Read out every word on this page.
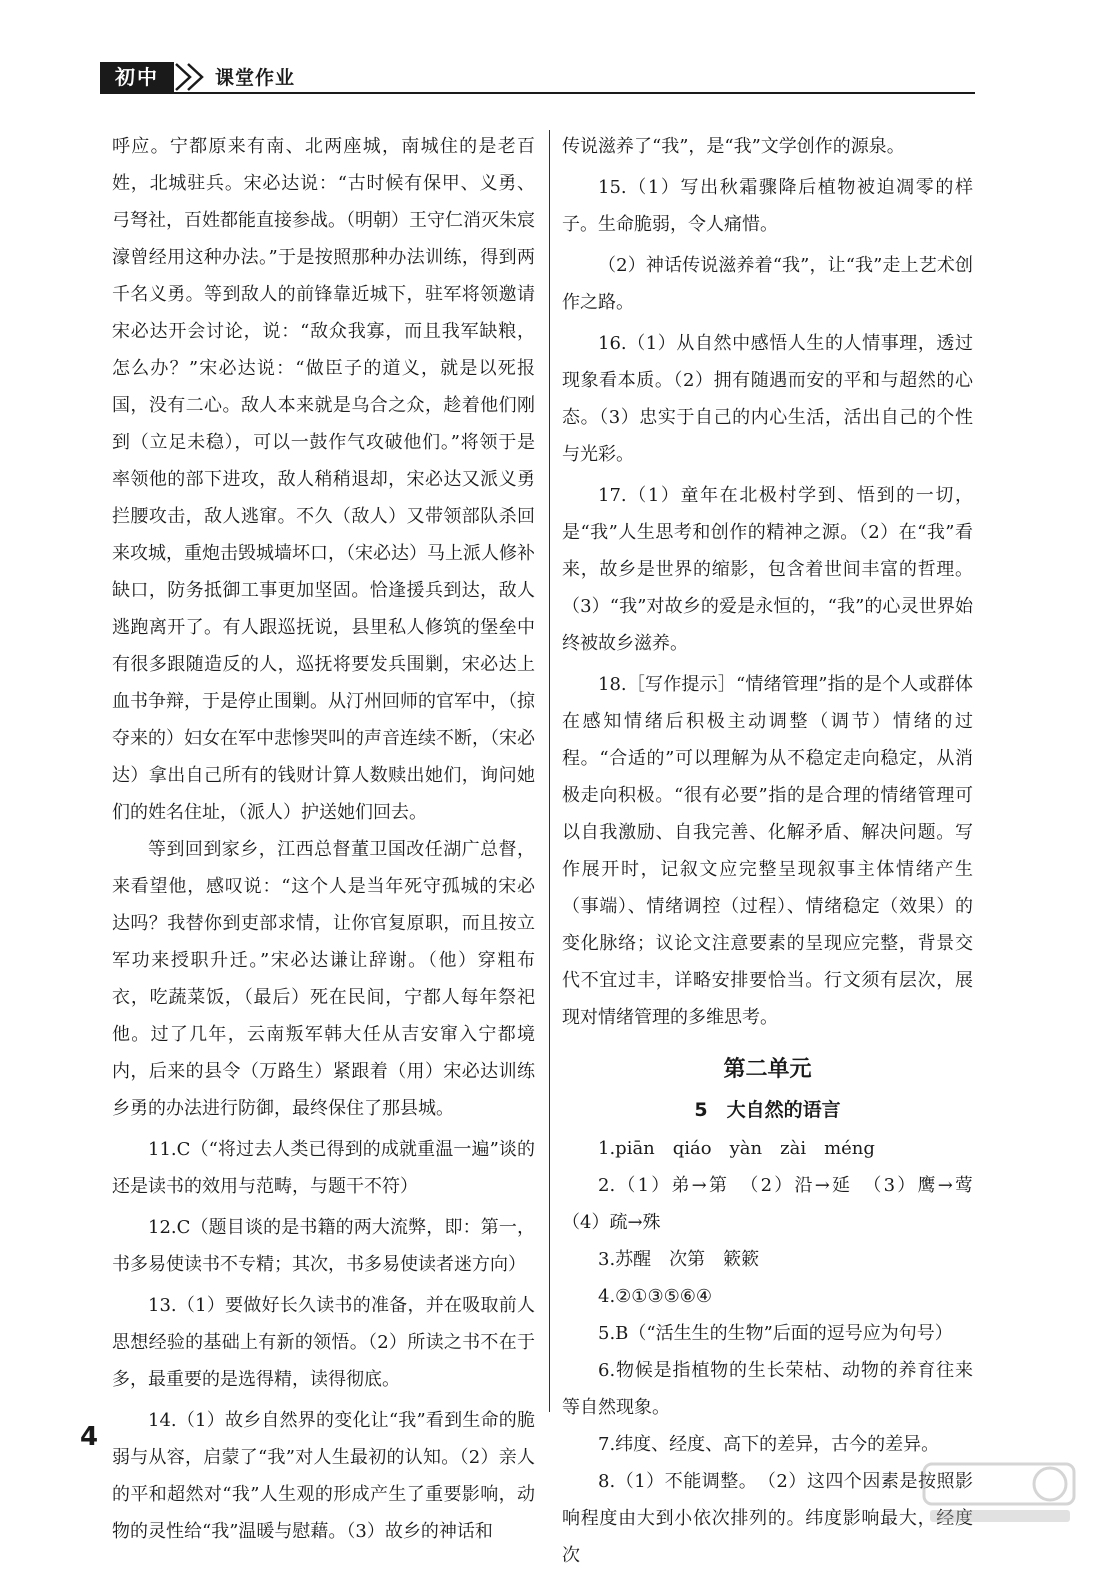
初中	课堂作业

呼应。宁都原来有南、北两座城，南城住的是老百姓，北城驻兵。宋必达说：“古时候有保甲、义勇、弓弩社，百姓都能直接参战。（明朝）王守仁消灭朱宸濠曾经用这种办法。”于是按照那种办法训练，得到两千名义勇。等到敌人的前锋靠近城下，驻军将领邀请宋必达开会讨论，说：“敌众我寡，而且我军缺粮，怎么办？”宋必达说：“做臣子的道义，就是以死报国，没有二心。敌人本来就是乌合之众，趁着他们刚到（立足未稳），可以一鼓作气攻破他们。”将领于是率领他的部下进攻，敌人稍稍退却，宋必达又派义勇拦腰攻击，敌人逃窜。不久（敌人）又带领部队杀回来攻城，重炮击毁城墙坏口，（宋必达）马上派人修补缺口，防务抵御工事更加坚固。恰逢援兵到达，敌人逃跑离开了。有人跟巡抚说，县里私人修筑的堡垒中有很多跟随造反的人，巡抚将要发兵围剿，宋必达上血书争辩，于是停止围剿。从汀州回师的官军中，（掠夺来的）妇女在军中悲惨哭叫的声音连续不断，（宋必达）拿出自己所有的钱财计算人数赎出她们，询问她们的姓名住址，（派人）护送她们回去。

等到回到家乡，江西总督董卫国改任湖广总督，来看望他，感叹说：“这个人是当年死守孤城的宋必达吗？我替你到吏部求情，让你官复原职，而且按立军功来授职升迁。”宋必达谦让辞谢。（他）穿粗布衣，吃蔬菜饭，（最后）死在民间，宁都人每年祭祀他。过了几年，云南叛军韩大任从吉安窜入宁都境内，后来的县令（万路生）紧跟着（用）宋必达训练乡勇的办法进行防御，最终保住了那县城。

11.C（“将过去人类已得到的成就重温一遍”谈的还是读书的效用与范畴，与题干不符）

12.C（题目谈的是书籍的两大流弊，即：第一，书多易使读书不专精；其次，书多易使读者迷方向）

13.（1）要做好长久读书的准备，并在吸取前人思想经验的基础上有新的领悟。（2）所读之书不在于多，最重要的是选得精，读得彻底。

14.（1）故乡自然界的变化让“我”看到生命的脆弱与从容，启蒙了“我”对人生最初的认知。（2）亲人的平和超然对“我”人生观的形成产生了重要影响，动物的灵性给“我”温暖与慰藉。（3）故乡的神话和

传说滋养了“我”，是“我”文学创作的源泉。

15.（1）写出秋霜骤降后植物被迫凋零的样子。生命脆弱，令人痛惜。

（2）神话传说滋养着“我”，让“我”走上艺术创作之路。

16.（1）从自然中感悟人生的人情事理，透过现象看本质。（2）拥有随遇而安的平和与超然的心态。（3）忠实于自己的内心生活，活出自己的个性与光彩。

17.（1）童年在北极村学到、悟到的一切，是“我”人生思考和创作的精神之源。（2）在“我”看来，故乡是世界的缩影，包含着世间丰富的哲理。（3）“我”对故乡的爱是永恒的，“我”的心灵世界始终被故乡滋养。

18.［写作提示］“情绪管理”指的是个人或群体在感知情绪后积极主动调整（调节）情绪的过程。“合适的”可以理解为从不稳定走向稳定，从消极走向积极。“很有必要”指的是合理的情绪管理可以自我激励、自我完善、化解矛盾、解决问题。写作展开时，记叙文应完整呈现叙事主体情绪产生（事端）、情绪调控（过程）、情绪稳定（效果）的变化脉络；议论文注意要素的呈现应完整，背景交代不宜过丰，详略安排要恰当。行文须有层次，展现对情绪管理的多维思考。

第二单元
5　大自然的语言

1.piān　qiáo　yàn　zài　méng

2.（1）弟→第　（2）沿→延　（3）鹰→莺　（4）疏→殊

3.苏醒　次第　簌簌

4.②①③⑤⑥④

5.B（“活生生的生物”后面的逗号应为句号）

6.物候是指植物的生长荣枯、动物的养育往来等自然现象。

7.纬度、经度、高下的差异，古今的差异。

8.（1）不能调整。　（2）这四个因素是按照影响程度由大到小依次排列的。纬度影响最大，经度次

4
